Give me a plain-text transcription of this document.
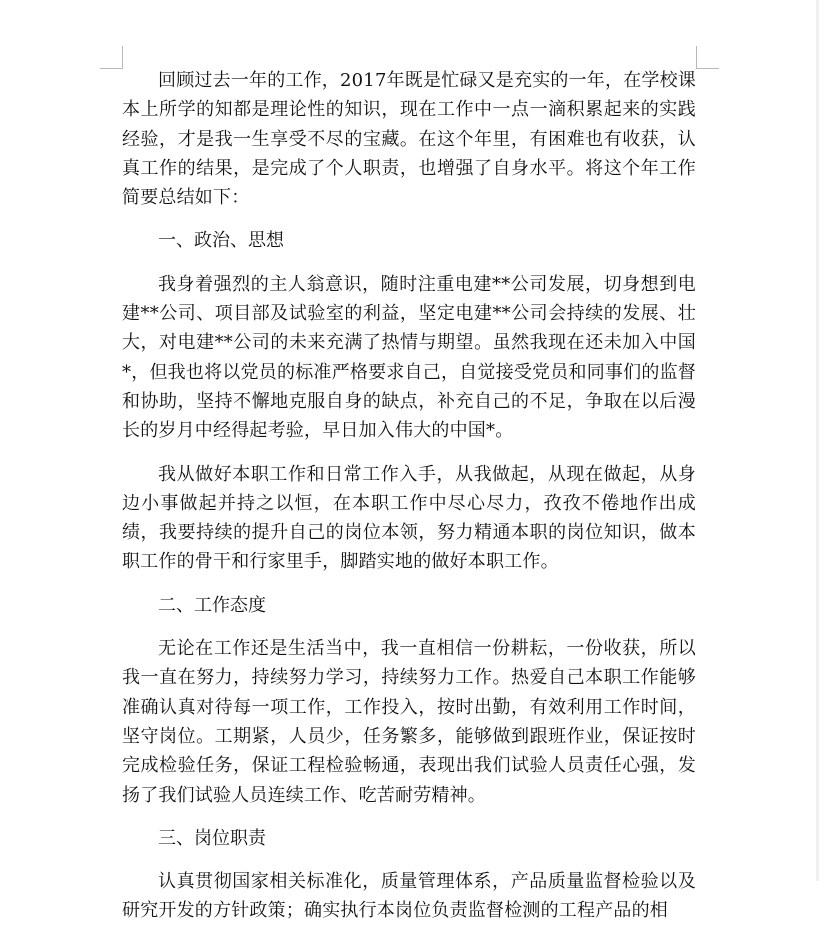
回顾过去一年的工作，2017年既是忙碌又是充实的一年，在学校课本上所学的知都是理论性的知识，现在工作中一点一滴积累起来的实践经验，才是我一生享受不尽的宝藏。在这个年里，有困难也有收获，认真工作的结果，是完成了个人职责，也增强了自身水平。将这个年工作简要总结如下：

一、政治、思想

我身着强烈的主人翁意识，随时注重电建**公司发展，切身想到电建**公司、项目部及试验室的利益，坚定电建**公司会持续的发展、壮大，对电建**公司的未来充满了热情与期望。虽然我现在还未加入中国*，但我也将以党员的标准严格要求自己，自觉接受党员和同事们的监督和协助，坚持不懈地克服自身的缺点，补充自己的不足，争取在以后漫长的岁月中经得起考验，早日加入伟大的中国*。

我从做好本职工作和日常工作入手，从我做起，从现在做起，从身边小事做起并持之以恒，在本职工作中尽心尽力，孜孜不倦地作出成绩，我要持续的提升自己的岗位本领，努力精通本职的岗位知识，做本职工作的骨干和行家里手，脚踏实地的做好本职工作。

二、工作态度

无论在工作还是生活当中，我一直相信一份耕耘，一份收获，所以我一直在努力，持续努力学习，持续努力工作。热爱自己本职工作能够准确认真对待每一项工作，工作投入，按时出勤，有效利用工作时间，坚守岗位。工期紧，人员少，任务繁多，能够做到跟班作业，保证按时完成检验任务，保证工程检验畅通，表现出我们试验人员责任心强，发扬了我们试验人员连续工作、吃苦耐劳精神。

三、岗位职责

认真贯彻国家相关标准化，质量管理体系，产品质量监督检验以及研究开发的方针政策；确实执行本岗位负责监督检测的工程产品的相
